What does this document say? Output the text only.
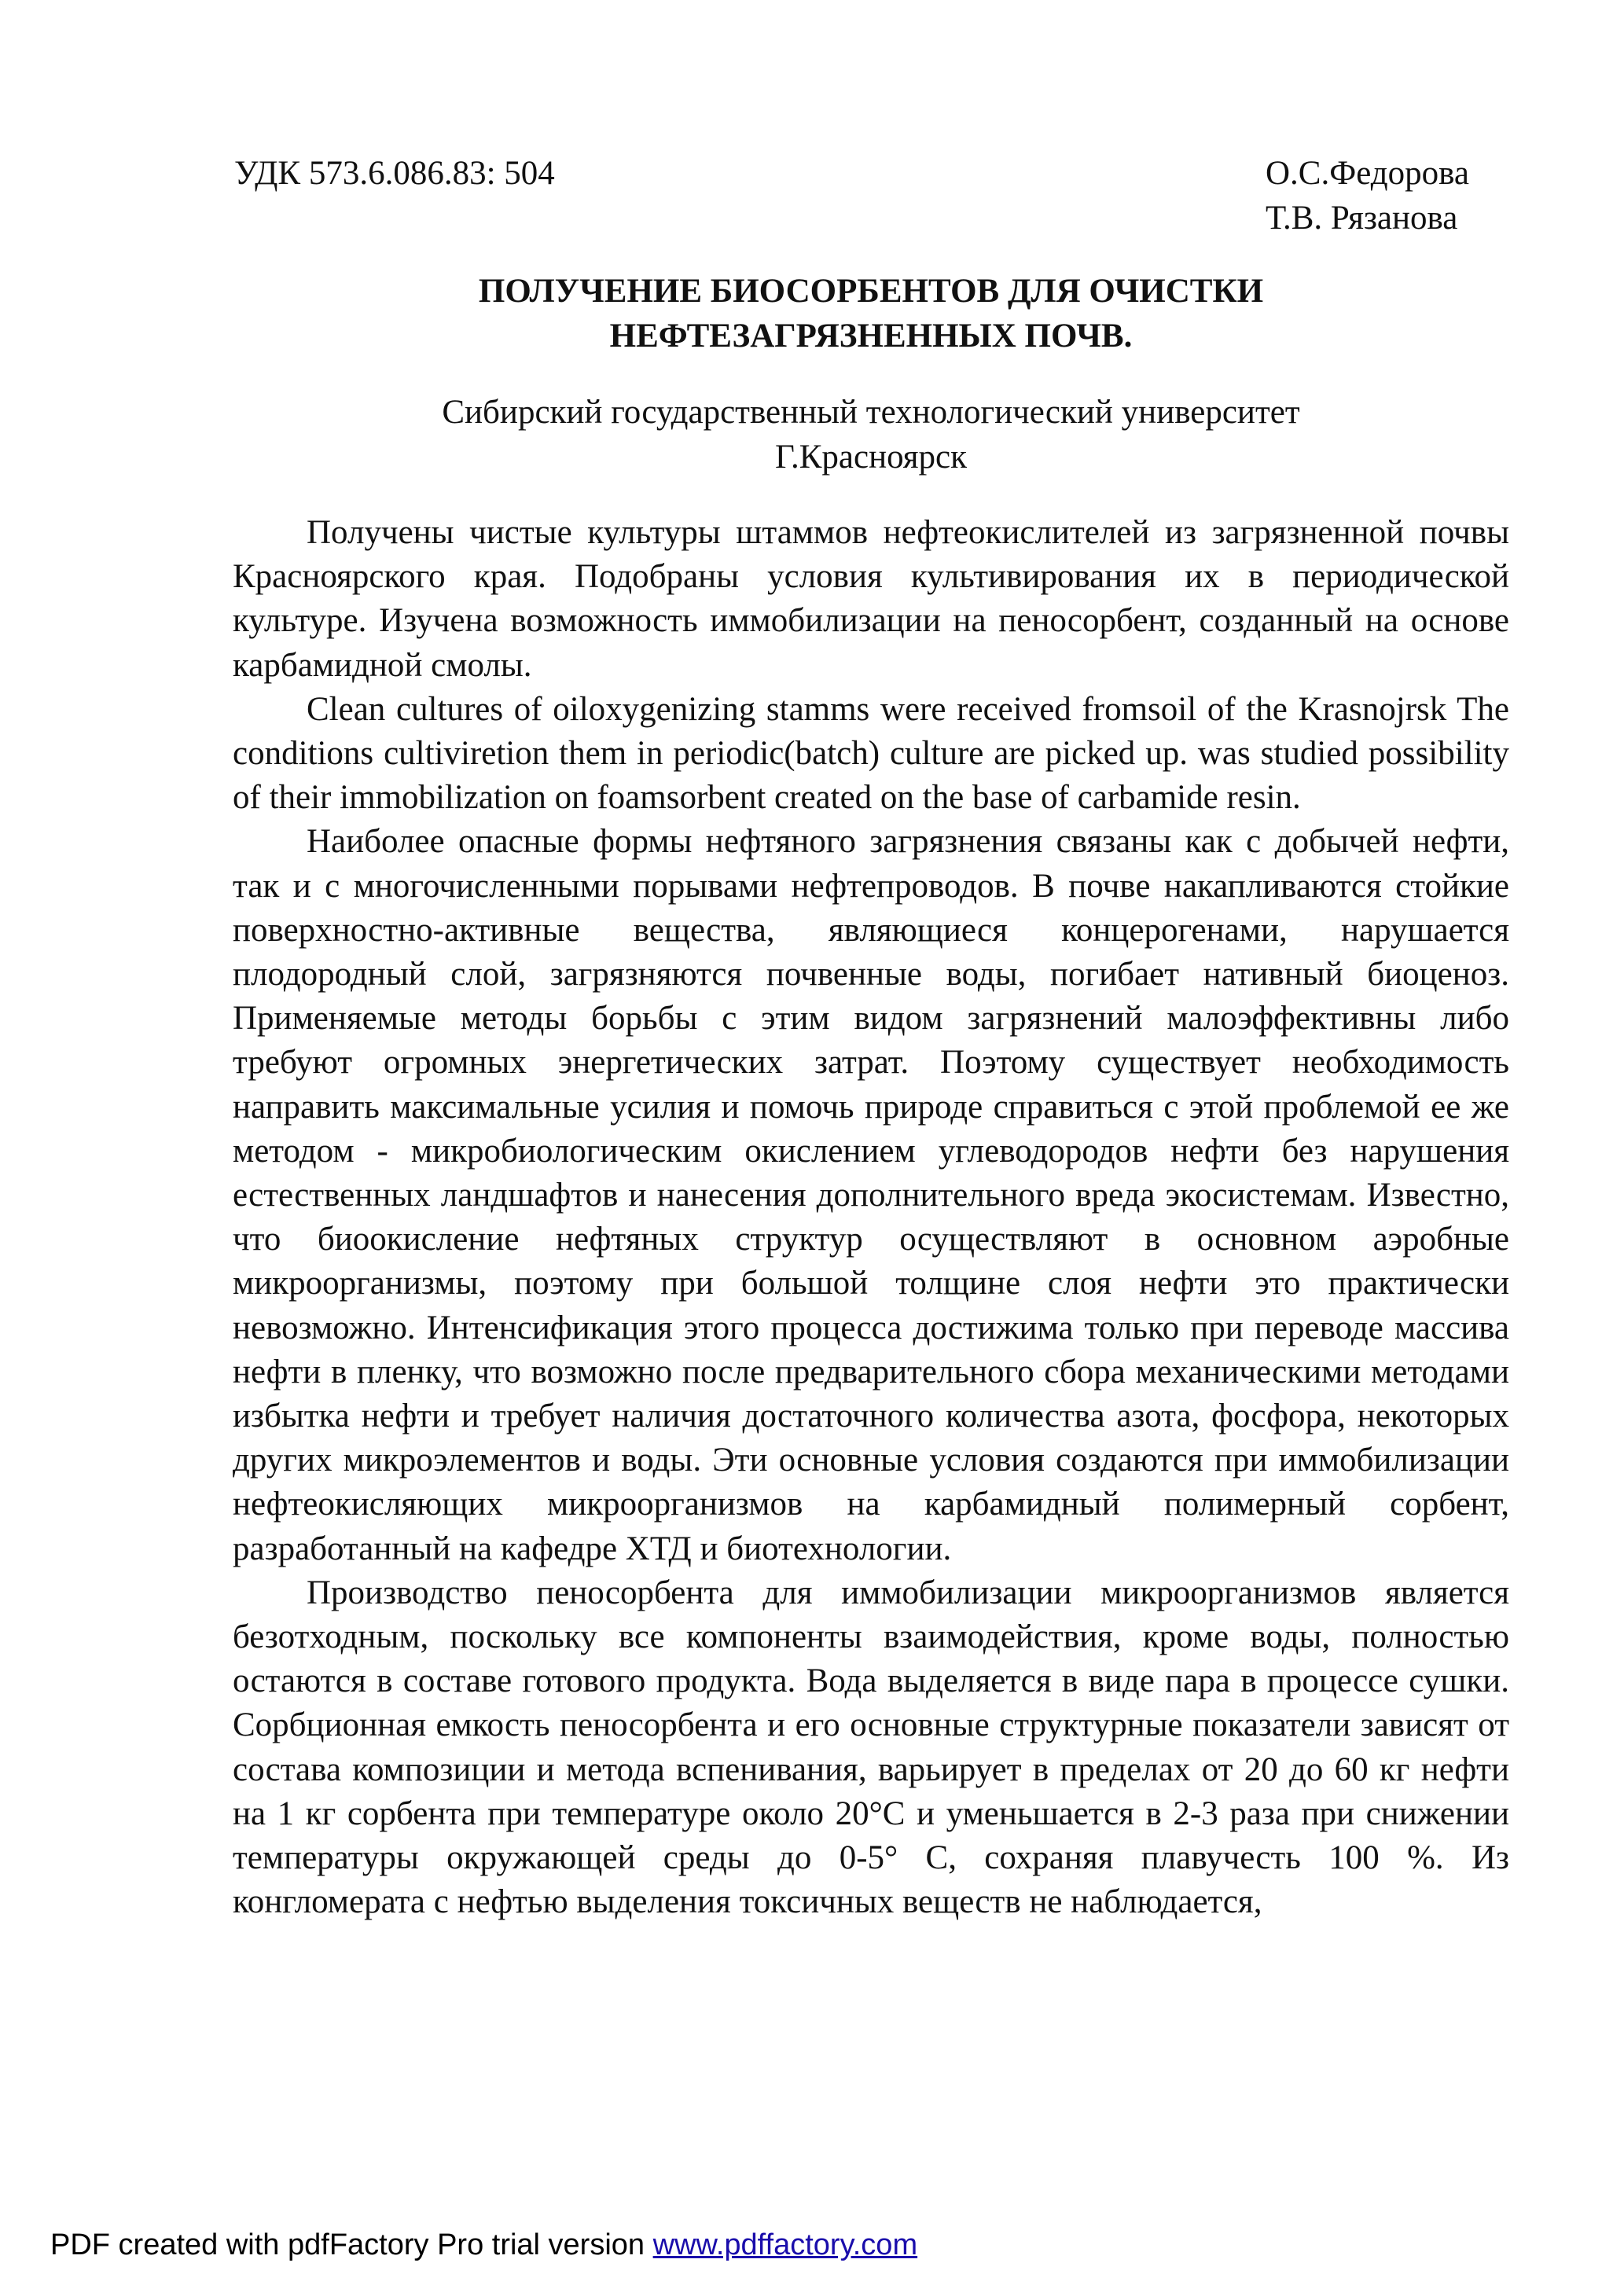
УДК 573.6.086.83: 504	О.С.Федорова
Т.В. Рязанова
ПОЛУЧЕНИЕ БИОСОРБЕНТОВ ДЛЯ ОЧИСТКИ
НЕФТЕЗАГРЯЗНЕННЫХ ПОЧВ.
Сибирский государственный технологический университет
Г.Красноярск

Получены чистые культуры штаммов нефтеокислителей из загрязненной почвы Красноярского края. Подобраны условия культивирования их в периодической культуре. Изучена возможность иммобилизации на пеносорбент, созданный на основе карбамидной смолы.

Clean cultures of oiloxygenizing stamms were received fromsoil of the Krasnojrsk The conditions cultiviretion them in periodic(batch) culture are picked up. was studied possibility of their immobilization on foamsorbent created on the base of carbamide resin.

Наиболее опасные формы нефтяного загрязнения связаны как с добычей нефти, так и с многочисленными порывами нефтепроводов. В почве накапливаются стойкие поверхностно-активные вещества, являющиеся концерогенами, нарушается плодородный слой, загрязняются почвенные воды, погибает нативный биоценоз. Применяемые методы борьбы с этим видом загрязнений малоэффективны либо требуют огромных энергетических затрат. Поэтому существует необходимость направить максимальные усилия и помочь природе справиться с этой проблемой ее же методом - микробиологическим окислением углеводородов нефти без нарушения естественных ландшафтов и нанесения дополнительного вреда экосистемам. Известно, что биоокисление нефтяных структур осуществляют в основном аэробные микроорганизмы, поэтому при большой толщине слоя нефти это практически невозможно. Интенсификация этого процесса достижима только при переводе массива нефти в пленку, что возможно после предварительного сбора механическими методами избытка нефти и требует наличия достаточного количества азота, фосфора, некоторых других микроэлементов и воды. Эти основные условия создаются при иммобилизации нефтеокисляющих микроорганизмов на карбамидный полимерный сорбент, разработанный на кафедре ХТД и биотехнологии.

Производство пеносорбента для иммобилизации микроорганизмов является безотходным, поскольку все компоненты взаимодействия, кроме воды, полностью остаются в составе готового продукта. Вода выделяется в виде пара в процессе сушки. Сорбционная емкость пеносорбента и его основные структурные показатели зависят от состава композиции и метода вспенивания, варьирует в пределах от 20 до 60 кг нефти на 1 кг сорбента при температуре около 20°С и уменьшается в 2-3 раза при снижении температуры окружающей среды до 0-5° С, сохраняя плавучесть 100 %. Из конгломерата с нефтью выделения токсичных веществ не наблюдается,

PDF created with pdfFactory Pro trial version www.pdffactory.com
